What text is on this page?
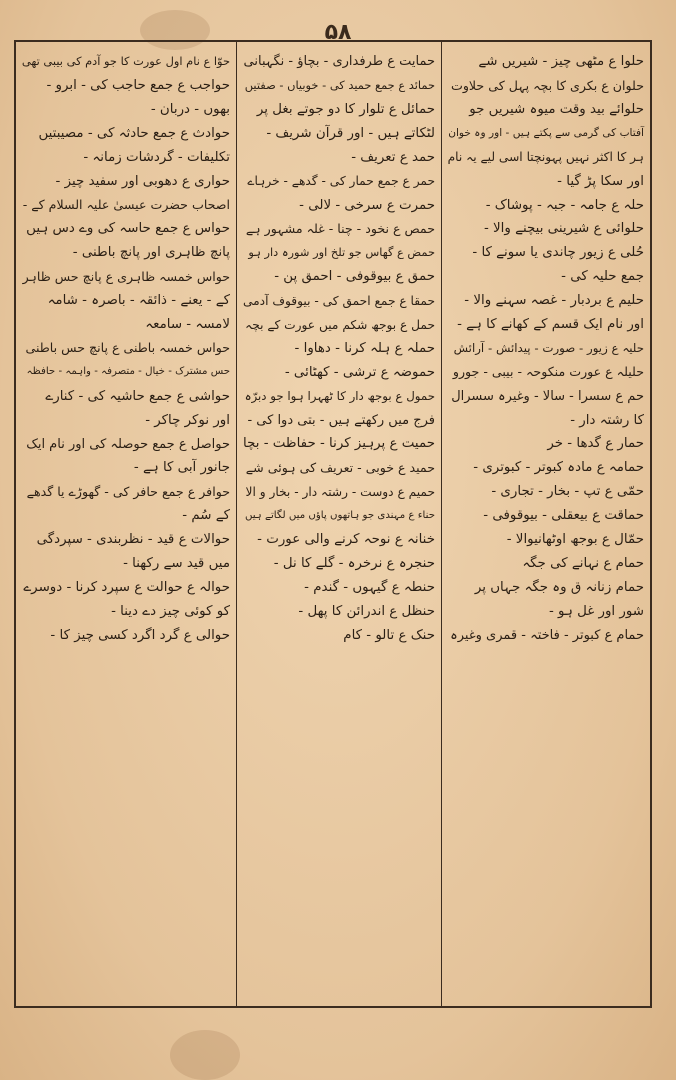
۵۸
حلوا ع مٹھی چیز - شیریں شے
حلوان ع بکری کا بچہ پہل کی حلاوت
حلوائے بید وقت میوہ شیریں جو
آفتاب کی گرمی سے پکتے ہیں - اور وہ خوان
ہر کا اکثر نہیں پہونچتا اسی لیے یہ نام
اور سکا پڑ گیا -
حلہ ع جامہ - جبہ - پوشاک -
حلوائی ع شیرینی بیچنے والا -
حُلی ع زیور چاندی یا سونے کا -
جمع حلیہ کی -
حلیم ع بردبار - غصہ سہنے والا -
اور نام ایک قسم کے کھانے کا ہے -
حلیہ ع زیور - صورت - پیدائش - آرائش
حلیلہ ع عورت منکوحہ - بیبی - جورو
حم ع سسرا - سالا - وغیرہ سسرال
کا رشتہ دار -
حمار ع گدھا - خر
حمامہ ع مادہ کبوتر - کبوتری -
حمّی ع تپ - بخار - تجاری -
حماقت ع بیعقلی - بیوقوفی -
حمّال ع بوجھ اوٹھانیوالا -
حمام ع نہانے کی جگہ
حمام زنانہ ق وہ جگہ جہاں پر
شور اور غل ہو -
حمام ع کبوتر - فاختہ - قمری وغیرہ
حمایت ع طرفداری - بچاؤ - نگہبانی
حمائد ع جمع حمید کی - خوبیاں - صفتیں
حمائل ع تلوار کا دو جوتے بغل پر
لٹکاتے ہیں - اور قرآن شریف -
حمد ع تعریف -
حمر ع جمع حمار کی - گدھے - خرہاے
حمرت ع سرخی - لالی -
حمص ع نخود - چنا - غلہ مشہور ہے
حمض ع گھاس جو تلخ اور شورہ دار ہو
حمق ع بیوقوفی - احمق پن -
حمقا ع جمع احمق کی - بیوقوف آدمی
حمل ع بوجھ شکم میں عورت کے بچہ
حملہ ع ہلہ کرنا - دھاوا -
حموضہ ع ترشی - کھٹائی -
حمول ع بوجھ دار کا ٹھہرا ہوا جو دبرّہ
فرج میں رکھتے ہیں - بتی دوا کی -
حمیت ع پرہیز کرنا - حفاظت - بچا
حمید ع خوبی - تعریف کی ہوئی شے
حمیم ع دوست - رشتہ دار - بخار و الا
حناء ع مہندی جو ہاتھوں پاؤں میں لگاتے ہیں
خنانہ ع نوحہ کرنے والی عورت -
حنجرہ ع نرخرہ - گلے کا نل -
حنطہ ع گیہوں - گندم -
حنظل ع اندرائن کا پھل -
حنک ع تالو - کام
حوّا ع نام اول عورت کا جو آدم کی بیبی تھی
حواجب ع جمع حاجب کی - ابرو -
بھوں - دربان -
حوادث ع جمع حادثہ کی - مصیبتیں
تکلیفات - گردشات زمانہ -
حواری ع دھوبی اور سفید چیز -
اصحاب حضرت عیسیٰ علیہ السلام کے -
حواس ع جمع حاسہ کی وے دس ہیں
پانچ ظاہری اور پانچ باطنی -
حواس خمسہ ظاہری ع پانچ حس ظاہر
کے - یعنے - ذائقہ - باصرہ - شامہ
لامسہ - سامعہ
حواس خمسہ باطنی ع پانچ حس باطنی
حس مشترک - خیال - متصرفہ - واہمہ - حافظہ
حواشی ع جمع حاشیہ کی - کنارے
اور نوکر چاکر -
حواصل ع جمع حوصلہ کی اور نام ایک
جانور آبی کا ہے -
حوافر ع جمع حافر کی - گھوڑے یا گدھے
کے سُم -
حوالات ع قید - نظربندی - سپردگی
میں قید سے رکھنا -
حوالہ ع حوالت ع سپرد کرنا - دوسرے
کو کوئی چیز دے دینا -
حوالی ع گرد اگرد کسی چیز کا -
